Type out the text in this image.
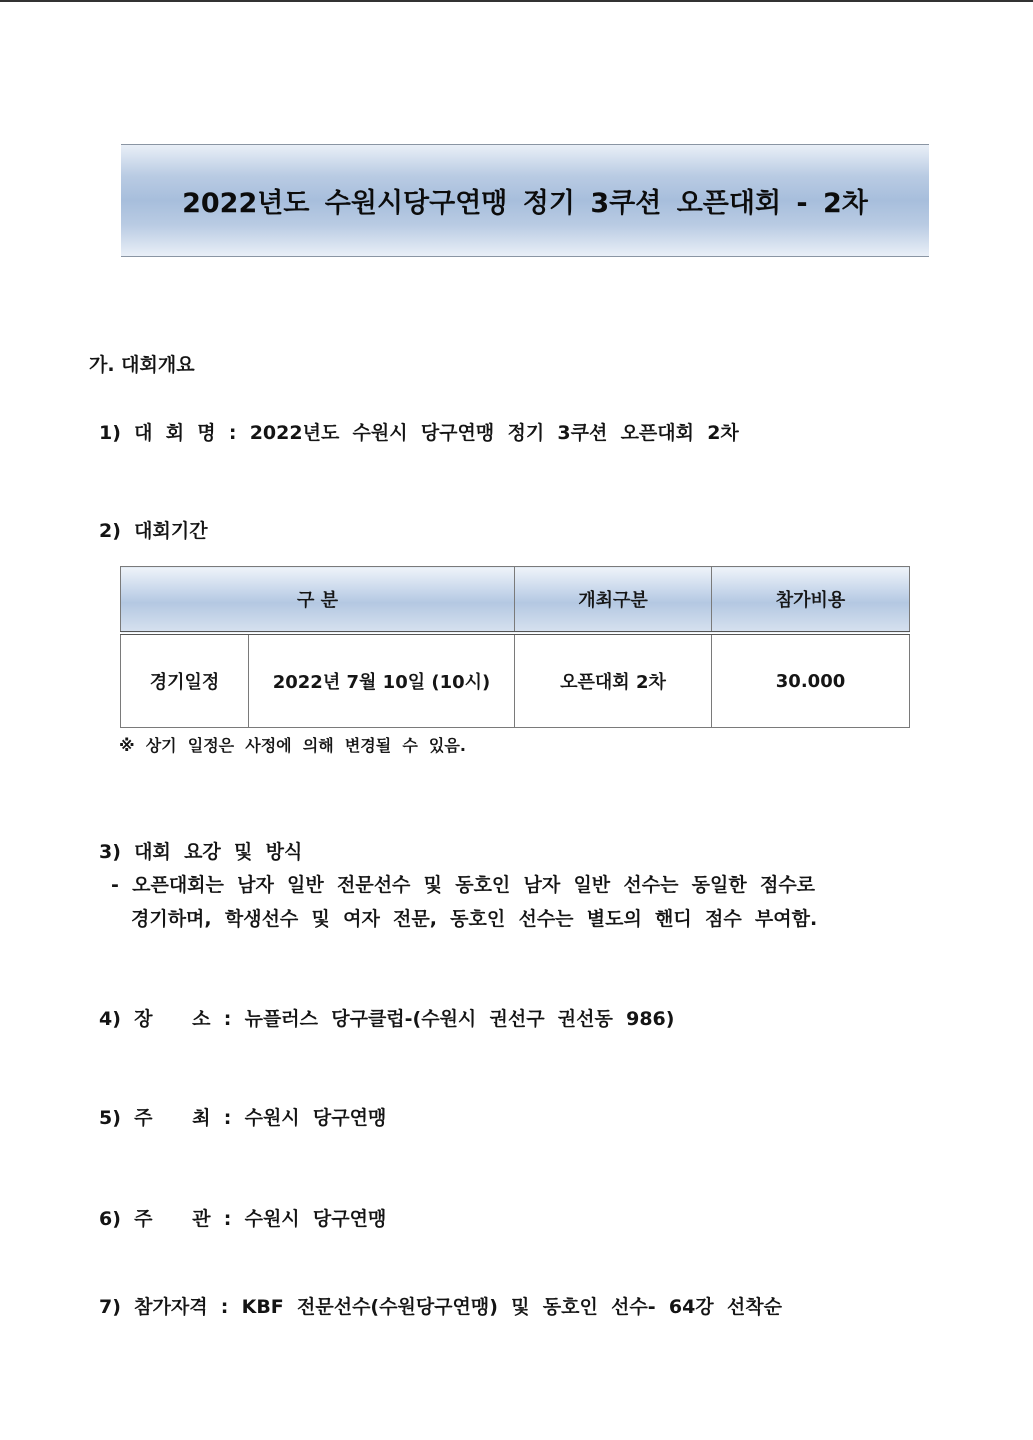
2022년도 수원시당구연맹 정기 3쿠션 오픈대회 - 2차
가. 대회개요
1)  대  회  명  :  2022년도  수원시  당구연맹  정기  3쿠션  오픈대회  2차
2)  대회기간
구 분		개최구분	참가비용
경기일정	2022년 7월 10일 (10시)	오픈대회 2차	30.000
※  상기  일정은  사정에  의해  변경될  수  있음.
3)  대회  요강  및  방식
-  오픈대회는  남자  일반  전문선수  및  동호인  남자  일반  선수는  동일한  점수로
경기하며,  학생선수  및  여자  전문,  동호인  선수는  별도의  핸디  점수  부여함.
4)  장      소  :  뉴플러스  당구클럽-(수원시  권선구  권선동  986)
5)  주      최  :  수원시  당구연맹
6)  주      관  :  수원시  당구연맹
7)  참가자격  :  KBF  전문선수(수원당구연맹)  및  동호인  선수-  64강  선착순
